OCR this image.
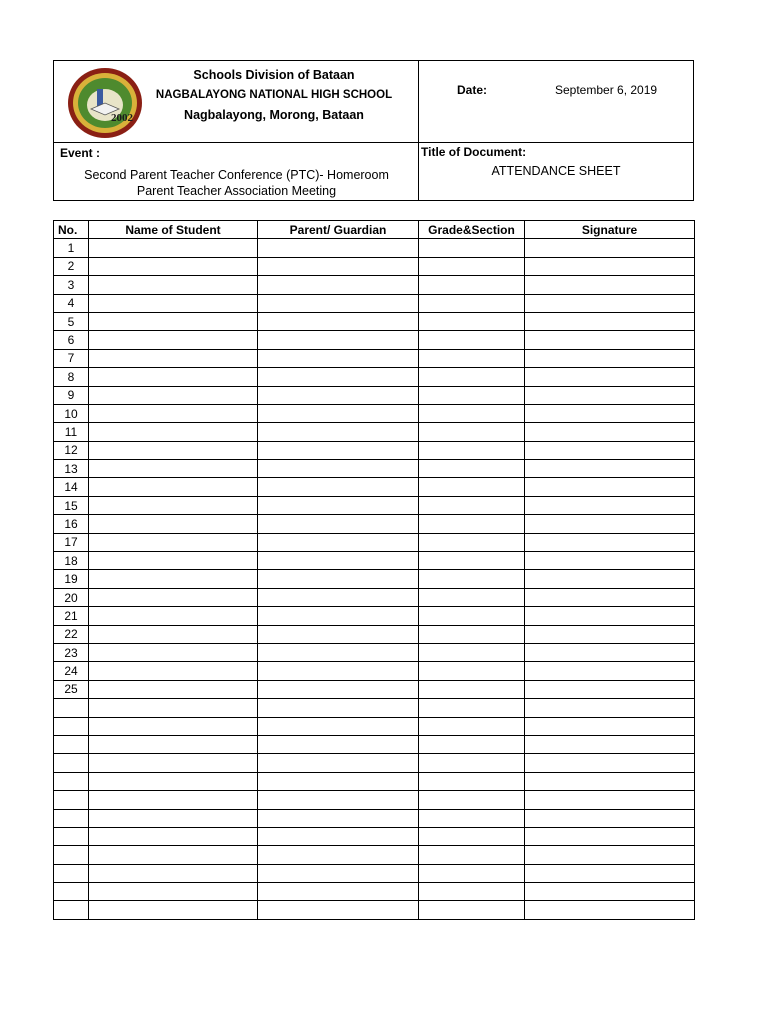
2002
Schools Division of Bataan
NAGBALAYONG NATIONAL HIGH SCHOOL
Nagbalayong, Morong, Bataan
Date:	September 6, 2019
Event :
Second Parent Teacher Conference (PTC)- Homeroom
Parent Teacher Association Meeting
Title of Document:
ATTENDANCE SHEET
No.	Name of Student	Parent/ Guardian	Grade&Section	Signature
1				
2				
3				
4				
5				
6				
7				
8				
9				
10				
11				
12				
13				
14				
15				
16				
17				
18				
19				
20				
21				
22				
23				
24				
25				
